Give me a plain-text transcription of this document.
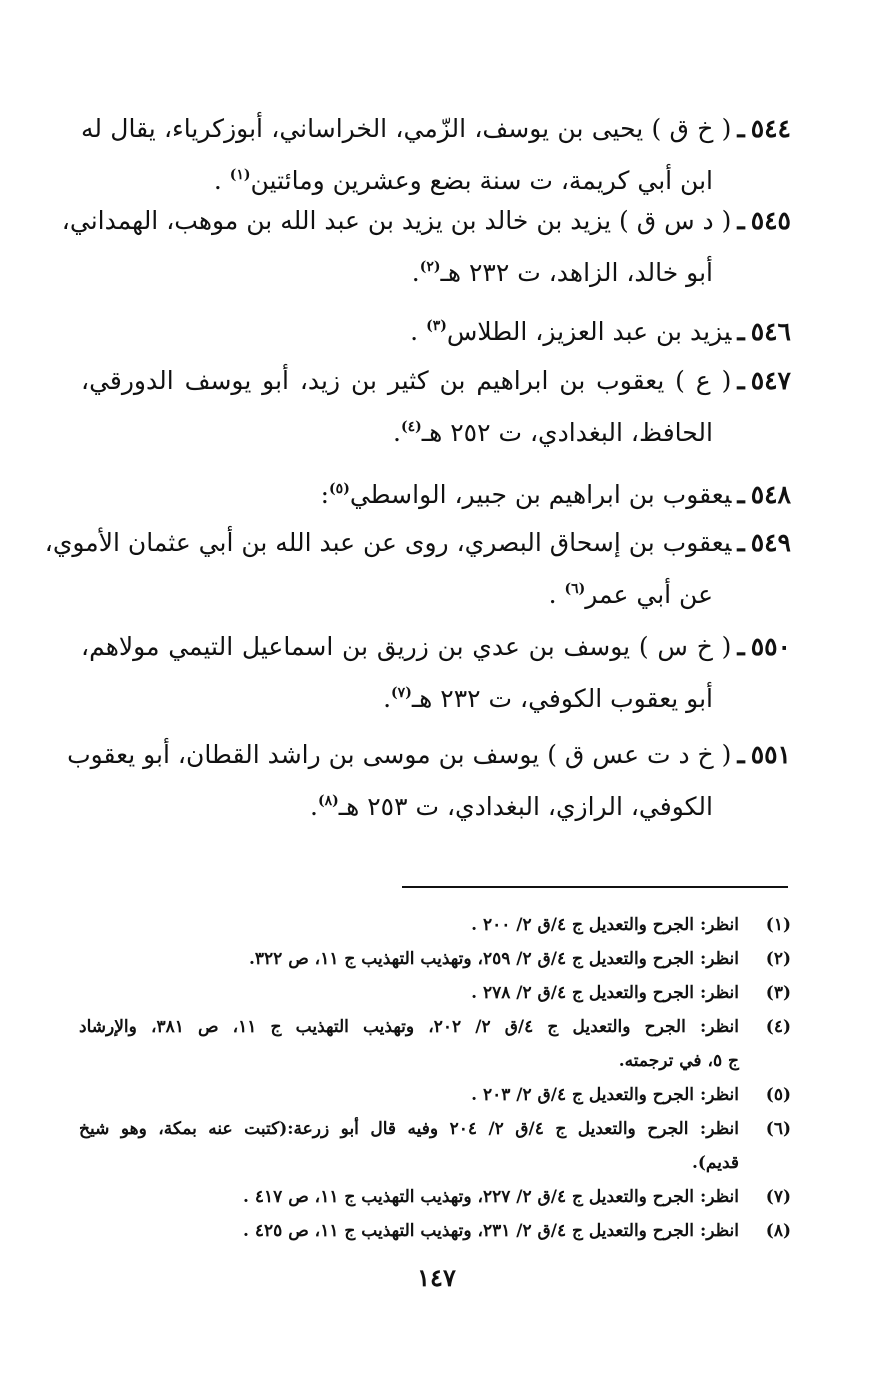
٥٤٤ـ( خ ق ) يحيى بن يوسف، الزّمي، الخراساني، أبوزكرياء، يقال له
ابن أبي كريمة، ت سنة بضع وعشرين ومائتين$^{(١)}$ .
٥٤٥ـ( د س ق ) يزيد بن خالد بن يزيد بن عبد الله بن موهب، الهمداني،
أبو خالد، الزاهد، ت ٢٣٢ هـ$^{(٢)}$.
٥٤٦ـيزيد بن عبد العزيز، الطلاس$^{(٣)}$ .
٥٤٧ـ( ع ) يعقوب بن ابراهيم بن كثير بن زيد، أبو يوسف الدورقي،
الحافظ، البغدادي، ت ٢٥٢ هـ$^{(٤)}$.
٥٤٨ـيعقوب بن ابراهيم بن جبير، الواسطي$^{(٥)}$:
٥٤٩ـيعقوب بن إسحاق البصري، روى عن عبد الله بن أبي عثمان الأموي،
عن أبي عمر$^{(٦)}$ .
٥٥٠ـ( خ س ) يوسف بن عدي بن زريق بن اسماعيل التيمي مولاهم،
أبو يعقوب الكوفي، ت ٢٣٢ هـ$^{(٧)}$.
٥٥١ـ( خ د ت عس ق ) يوسف بن موسى بن راشد القطان، أبو يعقوب
الكوفي، الرازي، البغدادي، ت ٢٥٣ هـ$^{(٨)}$.
(١)
انظر: الجرح والتعديل ج ٤/ق ٢/ ٢٠٠ .
(٢)
انظر: الجرح والتعديل ج ٤/ق ٢/ ٢٥٩، وتهذيب التهذيب ج ١١، ص ٣٢٢.
(٣)
انظر: الجرح والتعديل ج ٤/ق ٢/ ٢٧٨ .
(٤)
انظر: الجرح والتعديل ج ٤/ق ٢/ ٢٠٢، وتهذيب التهذيب ج ١١، ص ٣٨١، والإرشاد
ج ٥، في ترجمته.
(٥)
انظر: الجرح والتعديل ج ٤/ق ٢/ ٢٠٣ .
(٦)
انظر: الجرح والتعديل ج ٤/ق ٢/ ٢٠٤ وفيه قال أبو زرعة:(كتبت عنه بمكة، وهو شيخ
قديم).
(٧)
انظر: الجرح والتعديل ج ٤/ق ٢/ ٢٢٧، وتهذيب التهذيب ج ١١، ص ٤١٧ .
(٨)
انظر: الجرح والتعديل ج ٤/ق ٢/ ٢٣١، وتهذيب التهذيب ج ١١، ص ٤٢٥ .
١٤٧
